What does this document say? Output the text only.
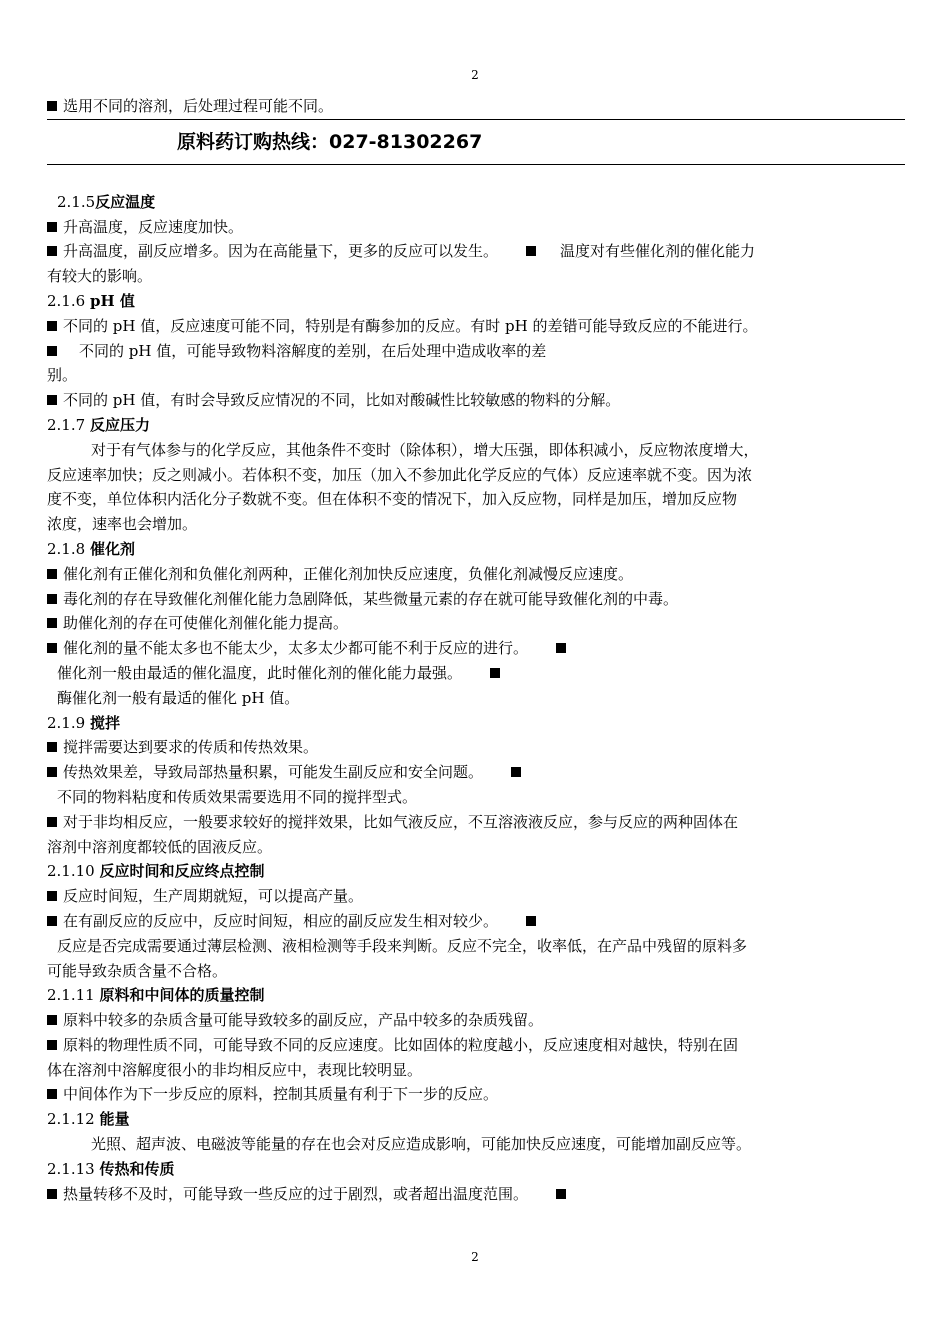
2
选用不同的溶剂，后处理过程可能不同。
原料药订购热线：027-81302267
2.1.5反应温度
升高温度，反应速度加快。
升高温度，副反应增多。因为在高能量下，更多的反应可以发生。	温度对有些催化剂的催化能力
有较大的影响。
2.1.6 pH 值
不同的 pH 值，反应速度可能不同，特别是有酶参加的反应。有时 pH 的差错可能导致反应的不能进行。
不同的 pH 值，可能导致物料溶解度的差别，在后处理中造成收率的差
别。
不同的 pH 值，有时会导致反应情况的不同，比如对酸碱性比较敏感的物料的分解。
2.1.7 反应压力
对于有气体参与的化学反应，其他条件不变时（除体积），增大压强，即体积减小，反应物浓度增大，
反应速率加快；反之则减小。若体积不变，加压（加入不参加此化学反应的气体）反应速率就不变。因为浓
度不变，单位体积内活化分子数就不变。但在体积不变的情况下，加入反应物，同样是加压，增加反应物
浓度，速率也会增加。
2.1.8 催化剂
催化剂有正催化剂和负催化剂两种，正催化剂加快反应速度，负催化剂减慢反应速度。
毒化剂的存在导致催化剂催化能力急剧降低，某些微量元素的存在就可能导致催化剂的中毒。
助催化剂的存在可使催化剂催化能力提高。
催化剂的量不能太多也不能太少，太多太少都可能不利于反应的进行。
催化剂一般由最适的催化温度，此时催化剂的催化能力最强。
酶催化剂一般有最适的催化 pH 值。
2.1.9 搅拌
搅拌需要达到要求的传质和传热效果。
传热效果差，导致局部热量积累，可能发生副反应和安全问题。
不同的物料粘度和传质效果需要选用不同的搅拌型式。
对于非均相反应，一般要求较好的搅拌效果，比如气液反应，不互溶液液反应，参与反应的两种固体在
溶剂中溶剂度都较低的固液反应。
2.1.10 反应时间和反应终点控制
反应时间短，生产周期就短，可以提高产量。
在有副反应的反应中，反应时间短，相应的副反应发生相对较少。
反应是否完成需要通过薄层检测、液相检测等手段来判断。反应不完全，收率低，在产品中残留的原料多
可能导致杂质含量不合格。
2.1.11 原料和中间体的质量控制
原料中较多的杂质含量可能导致较多的副反应，产品中较多的杂质残留。
原料的物理性质不同，可能导致不同的反应速度。比如固体的粒度越小，反应速度相对越快，特别在固
体在溶剂中溶解度很小的非均相反应中，表现比较明显。
中间体作为下一步反应的原料，控制其质量有利于下一步的反应。
2.1.12 能量
光照、超声波、电磁波等能量的存在也会对反应造成影响，可能加快反应速度，可能增加副反应等。
2.1.13 传热和传质
热量转移不及时，可能导致一些反应的过于剧烈，或者超出温度范围。
2
